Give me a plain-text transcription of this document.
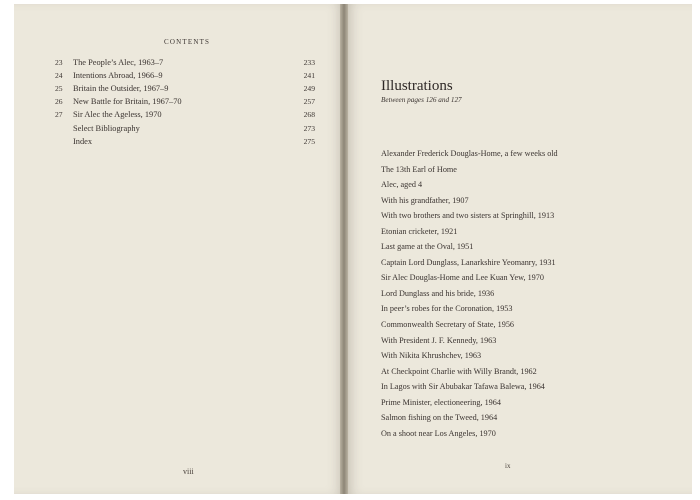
CONTENTS
23	The People’s Alec, 1963–7	233
24	Intentions Abroad, 1966–9	241
25	Britain the Outsider, 1967–9	249
26	New Battle for Britain, 1967–70	257
27	Sir Alec the Ageless, 1970	268
Select Bibliography	273
Index	275
viii
Illustrations
Between pages 126 and 127
Alexander Frederick Douglas-Home, a few weeks old
The 13th Earl of Home
Alec, aged 4
With his grandfather, 1907
With two brothers and two sisters at Springhill, 1913
Etonian cricketer, 1921
Last game at the Oval, 1951
Captain Lord Dunglass, Lanarkshire Yeomanry, 1931
Sir Alec Douglas-Home and Lee Kuan Yew, 1970
Lord Dunglass and his bride, 1936
In peer’s robes for the Coronation, 1953
Commonwealth Secretary of State, 1956
With President J. F. Kennedy, 1963
With Nikita Khrushchev, 1963
At Checkpoint Charlie with Willy Brandt, 1962
In Lagos with Sir Abubakar Tafawa Balewa, 1964
Prime Minister, electioneering, 1964
Salmon fishing on the Tweed, 1964
On a shoot near Los Angeles, 1970
ix
